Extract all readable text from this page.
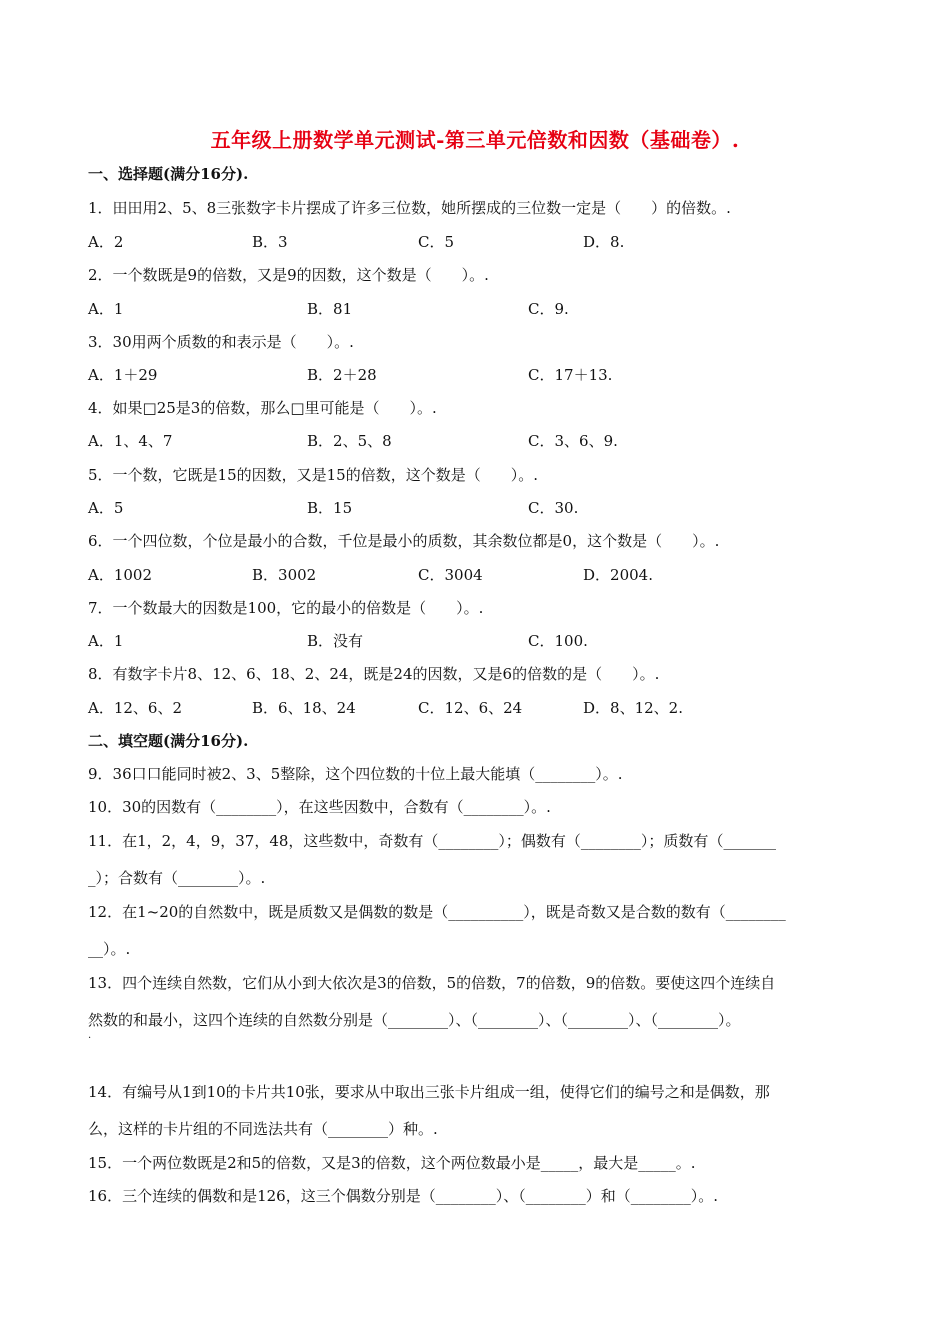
五年级上册数学单元测试-第三单元倍数和因数（基础卷）.
一、选择题(满分16分).
1．田田用2、5、8三张数字卡片摆成了许多三位数，她所摆成的三位数一定是（　　）的倍数。.
A．2	B．3	C．5	D．8.
2．一个数既是9的倍数，又是9的因数，这个数是（　　）。.
A．1	B．81	C．9.
3．30用两个质数的和表示是（　　）。.
A．1＋29	B．2＋28	C．17＋13.
4．如果□25是3的倍数，那么□里可能是（　　）。.
A．1、4、7	B．2、5、8	C．3、6、9.
5．一个数，它既是15的因数，又是15的倍数，这个数是（　　）。.
A．5	B．15	C．30.
6．一个四位数，个位是最小的合数，千位是最小的质数，其余数位都是0，这个数是（　　）。.
A．1002	B．3002	C．3004	D．2004.
7．一个数最大的因数是100，它的最小的倍数是（　　）。.
A．1	B．没有	C．100.
8．有数字卡片8、12、6、18、2、24，既是24的因数，又是6的倍数的是（　　）。.
A．12、6、2	B．6、18、24	C．12、6、24	D．8、12、2.
二、填空题(满分16分).
9．36口口能同时被2、3、5整除，这个四位数的十位上最大能填（________）。.
10．30的因数有（________），在这些因数中，合数有（________）。.
11．在1，2，4，9，37，48，这些数中，奇数有（________）；偶数有（________）；质数有（_______
_）；合数有（________）。.
12．在1~20的自然数中，既是质数又是偶数的数是（__________），既是奇数又是合数的数有（________
__）。.
13．四个连续自然数，它们从小到大依次是3的倍数，5的倍数，7的倍数，9的倍数。要使这四个连续自
然数的和最小，这四个连续的自然数分别是（________）、（________）、（________）、（________）。
.
14．有编号从1到10的卡片共10张，要求从中取出三张卡片组成一组，使得它们的编号之和是偶数，那
么，这样的卡片组的不同选法共有（________）种。.
15．一个两位数既是2和5的倍数，又是3的倍数，这个两位数最小是_____，最大是_____。.
16．三个连续的偶数和是126，这三个偶数分别是（________）、（________）和（________）。.
